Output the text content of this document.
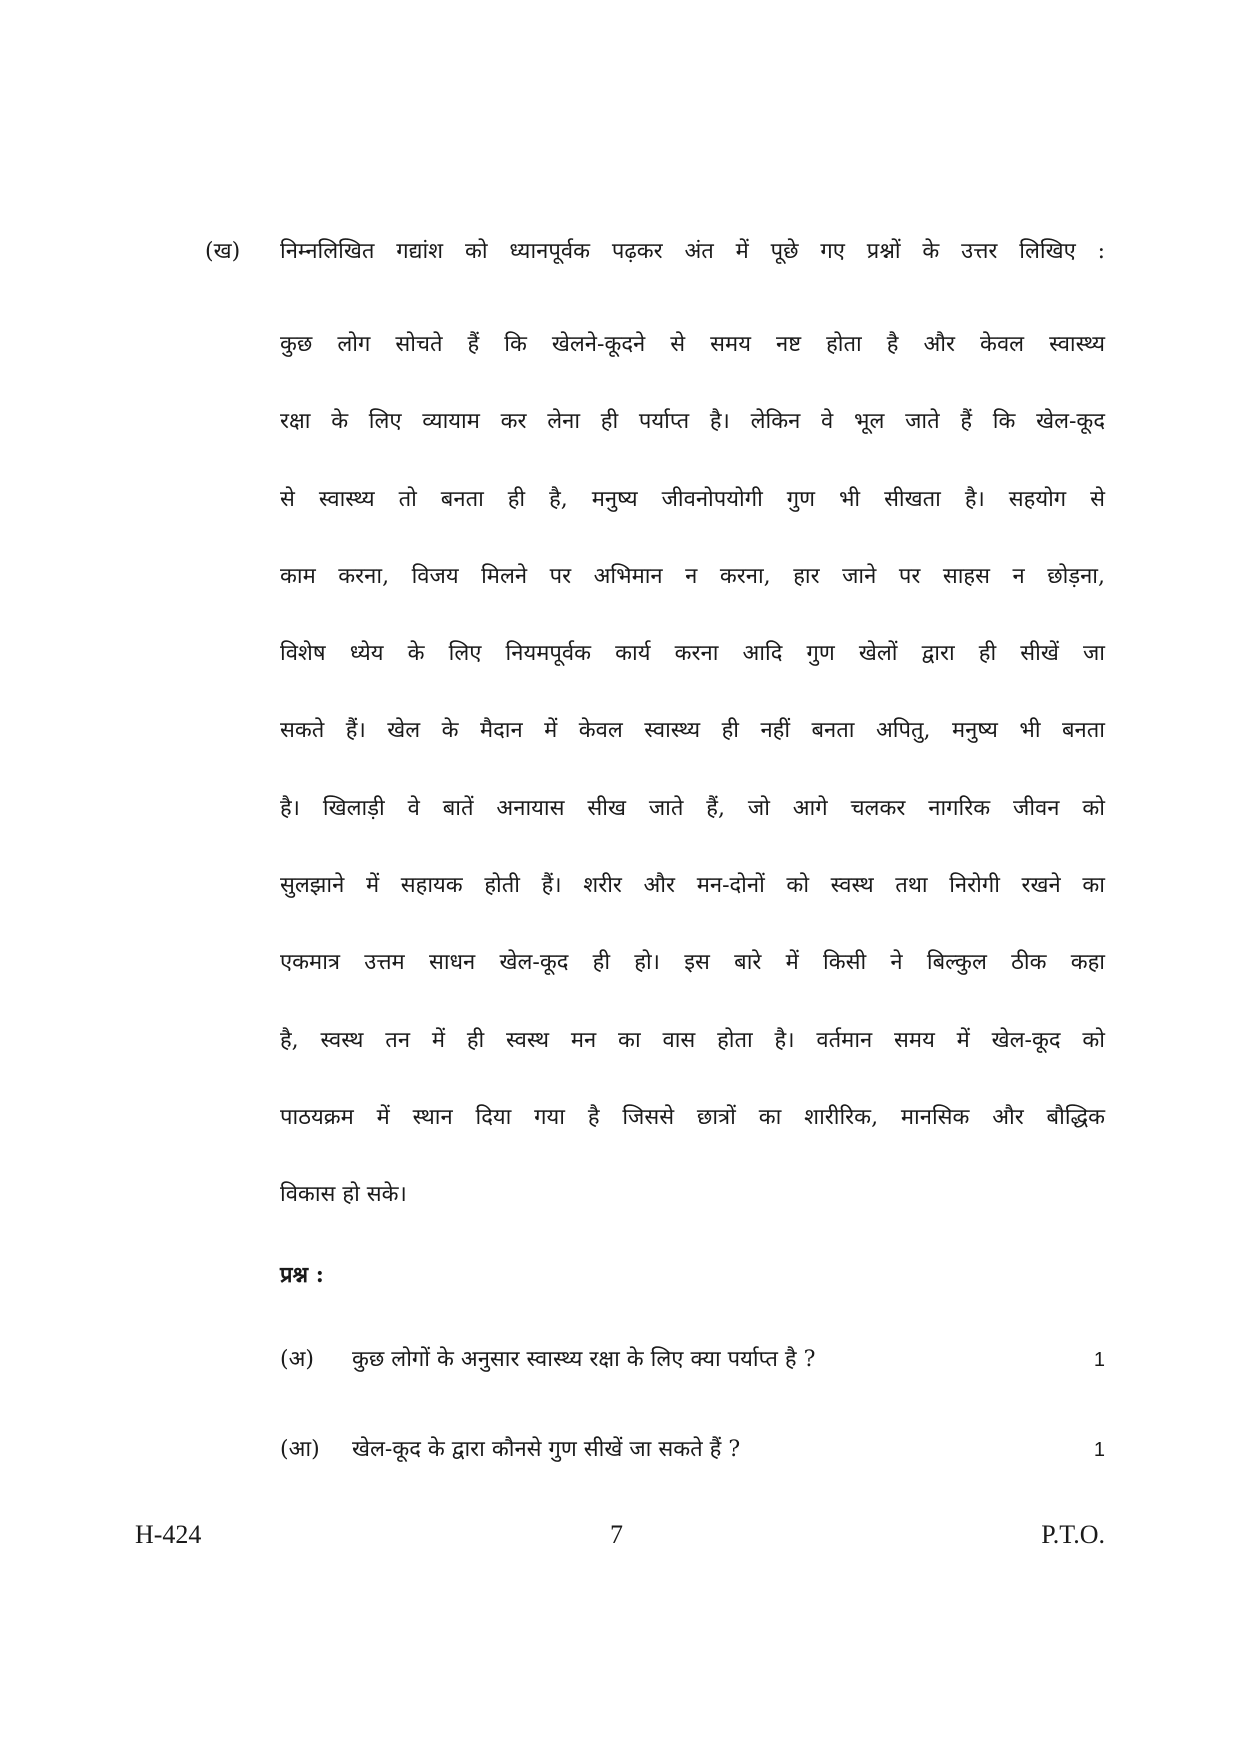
(ख) निम्नलिखित गद्यांश को ध्यानपूर्वक पढ़कर अंत में पूछे गए प्रश्नों के उत्तर लिखिए :
कुछ लोग सोचते हैं कि खेलने-कूदने से समय नष्ट होता है और केवल स्वास्थ्य
रक्षा के लिए व्यायाम कर लेना ही पर्याप्त है। लेकिन वे भूल जाते हैं कि खेल-कूद
से स्वास्थ्य तो बनता ही है, मनुष्य जीवनोपयोगी गुण भी सीखता है। सहयोग से
काम करना, विजय मिलने पर अभिमान न करना, हार जाने पर साहस न छोड़ना,
विशेष ध्येय के लिए नियमपूर्वक कार्य करना आदि गुण खेलों द्वारा ही सीखें जा
सकते हैं। खेल के मैदान में केवल स्वास्थ्य ही नहीं बनता अपितु, मनुष्य भी बनता
है। खिलाड़ी वे बातें अनायास सीख जाते हैं, जो आगे चलकर नागरिक जीवन को
सुलझाने में सहायक होती हैं। शरीर और मन-दोनों को स्वस्थ तथा निरोगी रखने का
एकमात्र उत्तम साधन खेल-कूद ही हो। इस बारे में किसी ने बिल्कुल ठीक कहा
है, स्वस्थ तन में ही स्वस्थ मन का वास होता है। वर्तमान समय में खेल-कूद को
पाठयक्रम में स्थान दिया गया है जिससे छात्रों का शारीरिक, मानसिक और बौद्धिक
विकास हो सके।
प्रश्न :
(अ) कुछ लोगों के अनुसार स्वास्थ्य रक्षा के लिए क्या पर्याप्त है ?	1
(आ) खेल-कूद के द्वारा कौनसे गुण सीखें जा सकते हैं ?	1
H-424	7	P.T.O.
